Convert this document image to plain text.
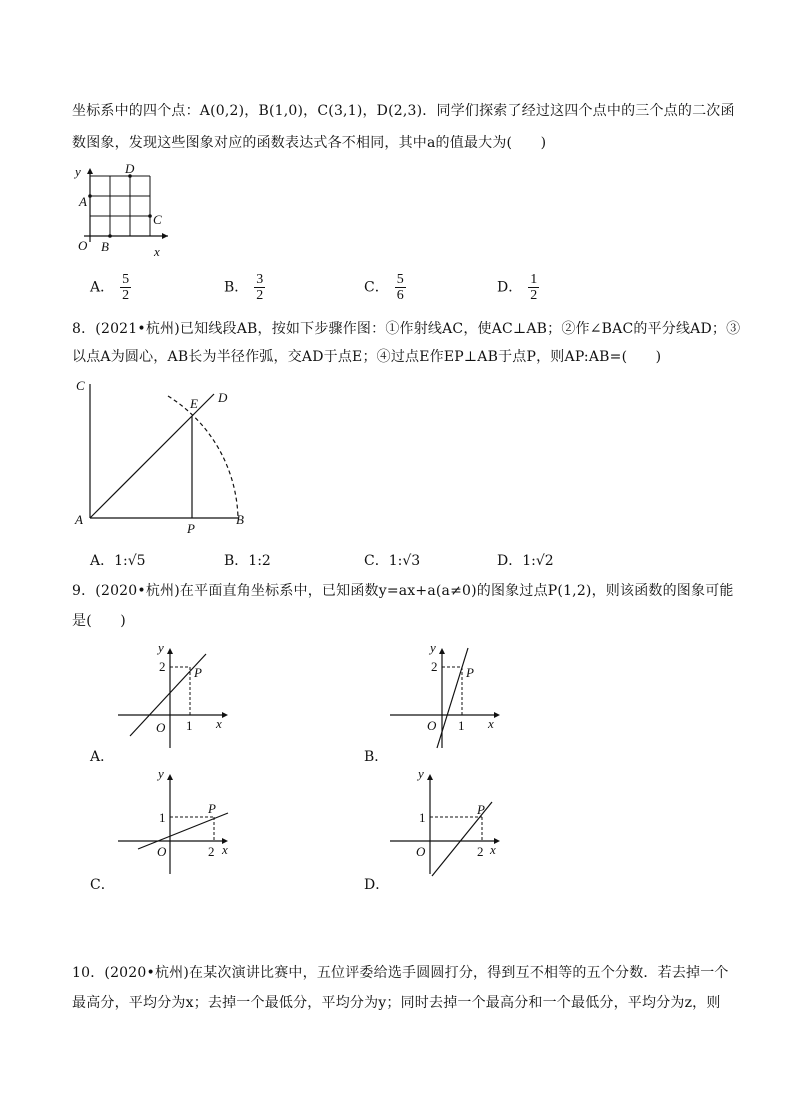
坐标系中的四个点：A(0,2)，B(1,0)，C(3,1)，D(2,3)．同学们探索了经过这四个点中的三个点的二次函
数图象，发现这些图象对应的函数表达式各不相同，其中a的值最大为(　　)
y
x
O
A
B
C
D
A． $\frac{5}{2}$	B． $\frac{3}{2}$	C． $\frac{5}{6}$	D． $\frac{1}{2}$
8．(2021•杭州)已知线段AB，按如下步骤作图：①作射线AC，使AC⊥AB；②作∠BAC的平分线AD；③
以点A为圆心，AB长为半径作弧，交AD于点E；④过点E作EP⊥AB于点P，则AP:AB=(　　)
C
E D
A
P
B
A．1:√5	B．1:2	C．1:√3	D．1:√2
9．(2020•杭州)在平面直角坐标系中，已知函数y=ax+a(a≠0)的图象过点P(1,2)，则该函数的图象可能
是(　　)
y
x
O
P
2
1
A．
y
x
O
P
2
1
B．
y
x
O
P
1
2
C．
y
x
O
P
1
2
D．
10．(2020•杭州)在某次演讲比赛中，五位评委给选手圆圆打分，得到互不相等的五个分数．若去掉一个
最高分，平均分为x；去掉一个最低分，平均分为y；同时去掉一个最高分和一个最低分，平均分为z，则
